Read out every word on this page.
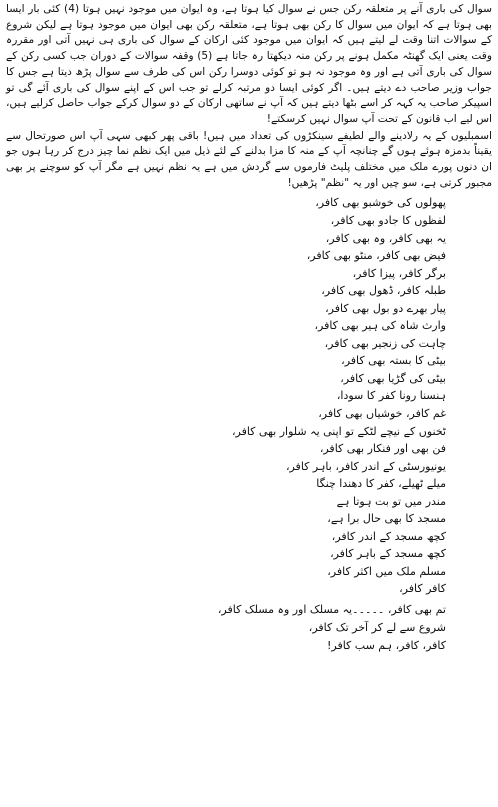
سوال کی باری آنے پر متعلقہ رکن جس نے سوال کیا ہوتا ہے، وہ ایوان میں موجود نہیں ہوتا (4) کئی بار ایسا بھی ہوتا ہے کہ ایوان میں سوال کا رکن بھی ہوتا ہے، متعلقہ رکن بھی ایوان میں موجود ہوتا ہے لیکن شروع کے سوالات اتنا وقت لے لیتے ہیں کہ ایوان میں موجود کئی ارکان کے سوال کی باری ہی نہیں آتی اور مقررہ وقت یعنی ایک گھنٹہ مکمل ہونے پر رکن منہ دیکھتا رہ جاتا ہے (5) وقفہ سوالات کے دوران جب کسی رکن کے سوال کی باری آتی ہے اور وہ موجود نہ ہو تو کوئی دوسرا رکن اس کی طرف سے سوال پڑھ دیتا ہے جس کا جواب وزیر صاحب دے دیتے ہیں۔ اگر کوئی ایسا دو مرتبہ کرلے تو جب اس کے اپنے سوال کی باری آئے گی تو اسپیکر صاحب یہ کہہ کر اسے بٹھا دیتے ہیں کہ آپ نے ساتھی ارکان کے دو سوال کرکے جواب حاصل کرلیے ہیں، اس لیے اب قانون کے تحت آپ سوال نہیں کرسکتے!

اسمبلیوں کے یہ رلادینے والے لطیفے سینکڑوں کی تعداد میں ہیں! باقی پھر کبھی سہی آپ اس صورتحال سے یقیناً بدمزہ ہوئے ہوں گے چنانچہ آپ کے منہ کا مزا بدلنے کے لئے ذیل میں ایک نظم نما چیز درج کر رہا ہوں جو ان دنوں پورے ملک میں مختلف پلیٹ فارموں سے گردش میں ہے یہ نظم نہیں ہے مگر آپ کو سوچنے پر بھی مجبور کرتی ہے، سو چیں اور یہ "نظم" پڑھیں!

پھولوں کی خوشبو بھی کافر،
لفظوں کا جادو بھی کافر،
یہ بھی کافر، وہ بھی کافر،
فیض بھی کافر، منٹو بھی کافر،
برگر کافر، پیزا کافر،
طبلہ کافر، ڈھول بھی کافر،
پیار بھرے دو بول بھی کافر،
وارث شاہ کی ہیر بھی کافر،
چاہت کی زنجیر بھی کافر،
بیٹی کا بستہ بھی کافر،
بیٹی کی گڑیا بھی کافر،
ہنسنا رونا کفر کا سودا،
غم کافر، خوشیاں بھی کافر،
ٹخنوں کے نیچے لٹکے تو اپنی یہ شلوار بھی کافر،
فن بھی اور فنکار بھی کافر،
یونیورسٹی کے اندر کافر، باہر کافر،
میلے ٹھیلے، کفر کا دھندا چنگا
مندر میں تو بت ہوتا ہے
مسجد کا بھی حال برا ہے،
کچھ مسجد کے اندر کافر،
کچھ مسجد کے باہر کافر،
مسلم ملک میں اکثر کافر،
کافر کافر،
تم بھی کافر، ۔۔۔۔۔یہ مسلک اور وہ مسلک کافر،
شروع سے لے کر آخر تک کافر،
کافر، کافر، ہم سب کافر!
